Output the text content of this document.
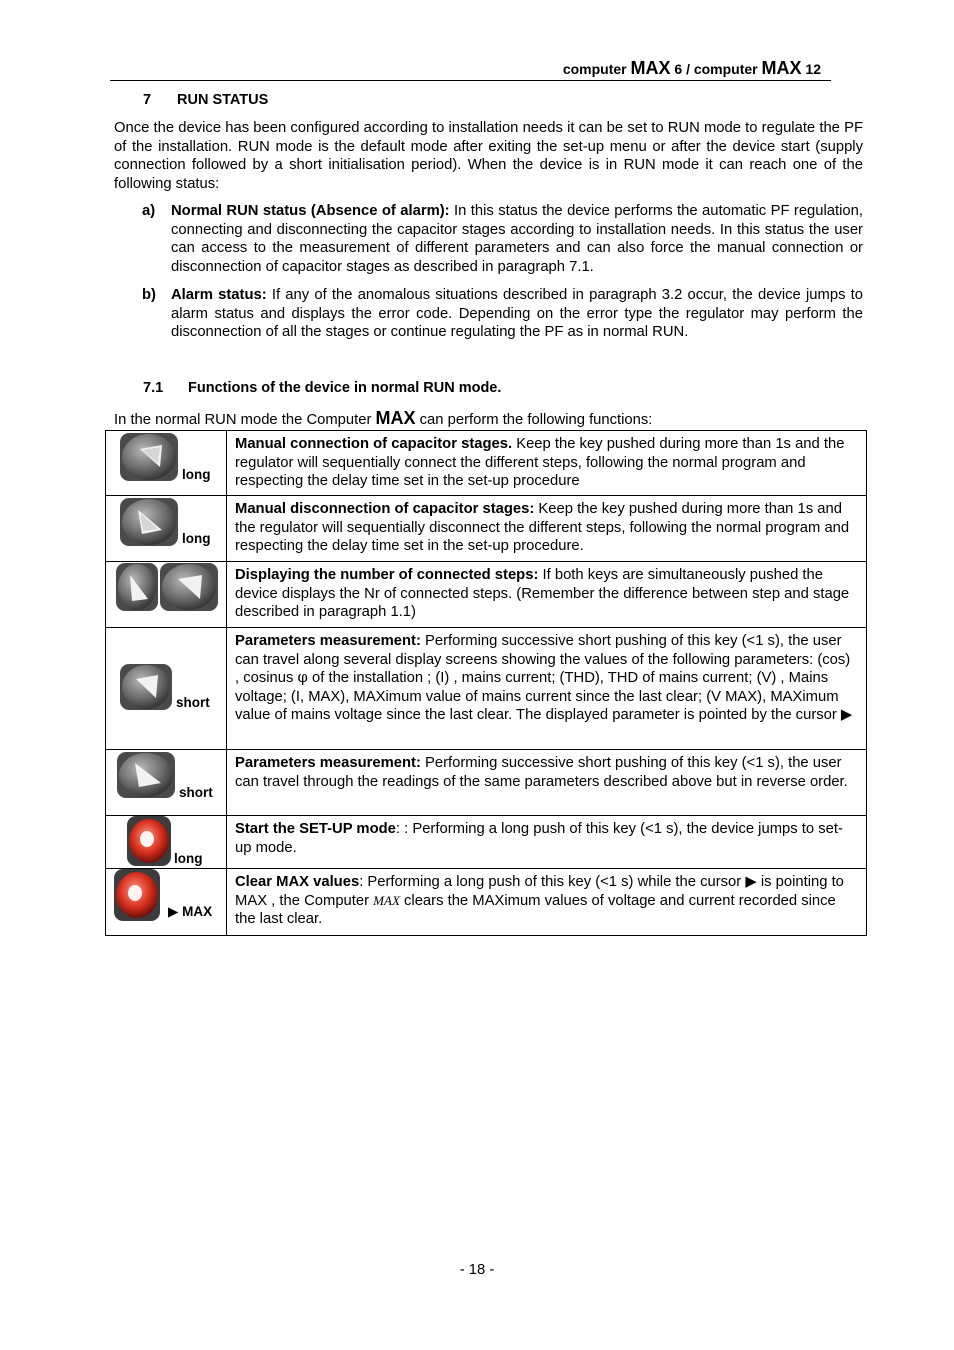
computer MAX 6 / computer MAX 12
7 RUN STATUS
Once the device has been configured according to installation needs it can be set to RUN mode to regulate the PF of the installation. RUN mode is the default mode after exiting the set-up menu or after the device start (supply connection followed by a short initialisation period). When the device is in RUN mode it can reach one of the following status:
a) Normal RUN status (Absence of alarm): In this status the device performs the automatic PF regulation, connecting and disconnecting the capacitor stages according to installation needs. In this status the user can access to the measurement of different parameters and can also force the manual connection or disconnection of capacitor stages as described in paragraph 7.1.
b) Alarm status: If any of the anomalous situations described in paragraph 3.2 occur, the device jumps to alarm status and displays the error code. Depending on the error type the regulator may perform the disconnection of all the stages or continue regulating the PF as in normal RUN.
7.1 Functions of the device in normal RUN mode.
In the normal RUN mode the Computer MAX can perform the following functions:
long	Manual connection of capacitor stages. Keep the key pushed during more than 1s and the regulator will sequentially connect the different steps, following the normal program and respecting the delay time set in the set-up procedure

long	Manual disconnection of capacitor stages: Keep the key pushed during more than 1s and the regulator will sequentially disconnect the different steps, following the normal program and respecting the delay time set in the set-up procedure.

	Displaying the number of connected steps: If both keys are simultaneously pushed the device displays the Nr of connected steps. (Remember the difference between step and stage described in paragraph 1.1)

short	Parameters measurement: Performing successive short pushing of this key (<1 s), the user can travel along several display screens showing the values of the following parameters: (cos) , cosinus φ of the installation ; (I) , mains current; (THD), THD of mains current; (V) , Mains voltage; (I, MAX), MAXimum value of mains current since the last clear; (V MAX), MAXimum value of mains voltage since the last clear. The displayed parameter is pointed by the cursor ▶

short	Parameters measurement: Performing successive short pushing of this key (<1 s), the user can travel through the readings of the same parameters described above but in reverse order.

long	Start the SET-UP mode: : Performing a long push of this key (<1 s), the device jumps to set-up mode.

▶ MAX	Clear MAX values: Performing a long push of this key (<1 s) while the cursor ▶ is pointing to MAX , the Computer MAX clears the MAXimum values of voltage and current recorded since the last clear.
- 18 -
